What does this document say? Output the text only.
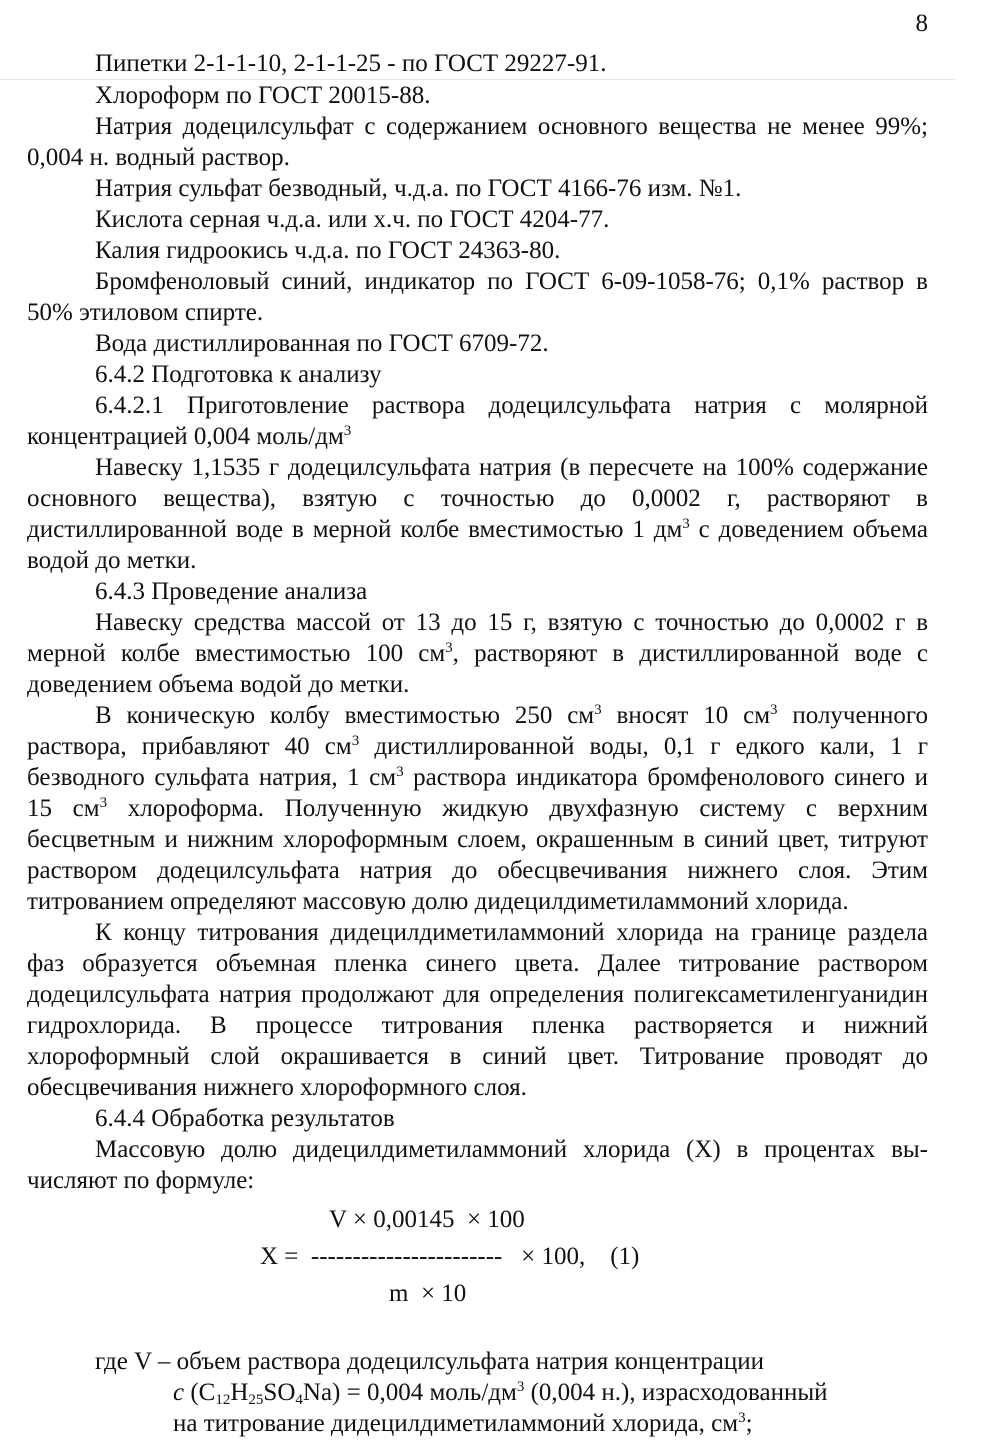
8

Пипетки 2-1-1-10, 2-1-1-25 - по ГОСТ 29227-91.

Хлороформ по ГОСТ 20015-88.

Натрия додецилсульфат с содержанием основного вещества не менее 99%; 0,004 н. водный раствор.

Натрия сульфат безводный, ч.д.а. по ГОСТ 4166-76 изм. №1.

Кислота серная ч.д.а. или х.ч. по ГОСТ 4204-77.

Калия гидроокись ч.д.а. по ГОСТ 24363-80.

Бромфеноловый синий, индикатор по ГОСТ 6-09-1058-76; 0,1% раствор в 50% этиловом спирте.

Вода дистиллированная по ГОСТ 6709-72.

6.4.2 Подготовка к анализу

6.4.2.1 Приготовление раствора додецилсульфата натрия с молярной концентрацией 0,004 моль/$дм^3$

Навеску 1,1535 г додецилсульфата натрия (в пересчете на 100% содержание основного вещества), взятую с точностью до 0,0002 г, растворяют в дистиллированной воде в мерной колбе вместимостью 1 $дм^3$ с доведением объема водой до метки.

6.4.3 Проведение анализа

Навеску средства массой от 13 до 15 г, взятую с точностью до 0,0002 г в мерной колбе вместимостью 100 $см^3$, растворяют в дистиллированной воде с доведением объема водой до метки.

В коническую колбу вместимостью 250 $см^3$ вносят 10 $см^3$ полученного раствора, прибавляют 40 $см^3$ дистиллированной воды, 0,1 г едкого кали, 1 г безводного сульфата натрия, 1 $см^3$ раствора индикатора бромфенолового синего и 15 $см^3$ хлороформа. Полученную жидкую двухфазную систему с верхним бесцветным и нижним хлороформным слоем, окрашенным в синий цвет, титруют раствором додецилсульфата натрия до обесцвечивания нижнего слоя. Этим титрованием определяют массовую долю дидецилдиметиламмоний хлорида.

К концу титрования дидецилдиметиламмоний хлорида на границе раздела фаз образуется объемная пленка синего цвета. Далее титрование раствором додецилсульфата натрия продолжают для определения полигексаметиленгуанидин гидрохлорида. В процессе титрования пленка растворяется и нижний хлороформный слой окрашивается в синий цвет. Титрование проводят до обесцвечивания нижнего хлороформного слоя.

6.4.4 Обработка результатов

Массовую долю дидецилдиметиламмоний хлорида (X) в процентах вычисляют по формуле:

V × 0,00145  × 100
X =  -----------------------   × 100,    (1)
m  × 10

где V – объем раствора додецилсульфата натрия концентрации

c $(C_{12}H_{25}SO_4Na) = 0,004$ моль/$дм^3$ (0,004 н.), израсходованный

на титрование дидецилдиметиламмоний хлорида, $см^3$;
